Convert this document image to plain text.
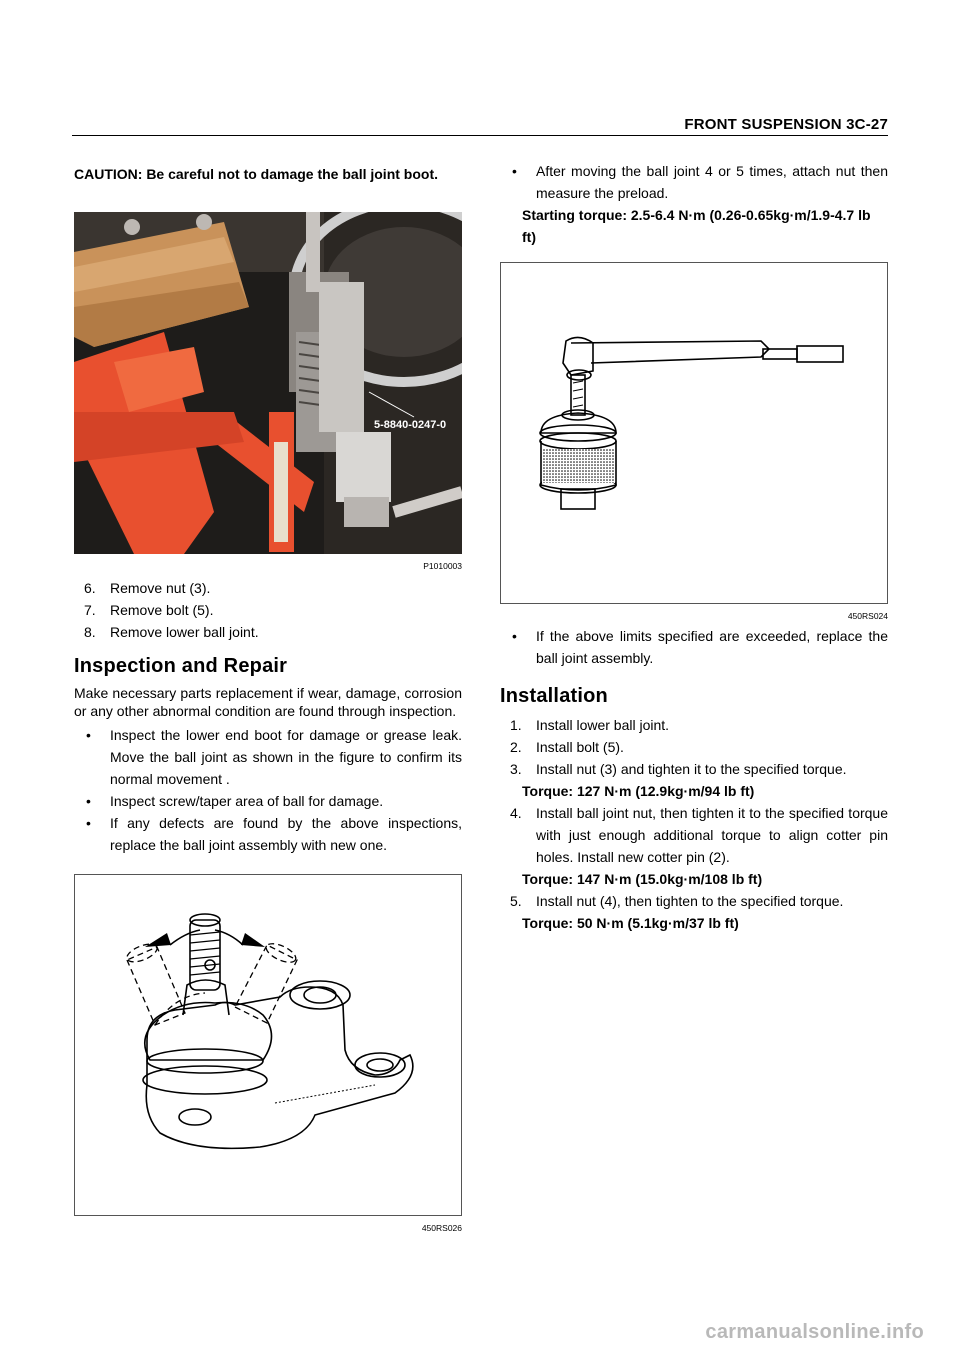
FRONT SUSPENSION 3C-27

CAUTION: Be careful not to damage the ball joint boot.

5-8840-0247-0
P1010003
6. Remove nut (3).
7. Remove bolt (5).
8. Remove lower ball joint.
Inspection and Repair

Make necessary parts replacement if wear, damage, corrosion or any other abnormal condition are found through inspection.

• Inspect the lower end boot for damage or grease leak. Move the ball joint as shown in the figure to confirm its normal movement .
• Inspect screw/taper area of ball for damage.
• If any defects are found by the above inspections, replace the ball joint assembly with new one.
450RS026
• After moving the ball joint 4 or 5 times, attach nut then measure the preload.
Starting torque: 2.5-6.4 N·m (0.26-0.65kg·m/1.9-4.7 lb ft)
450RS024
• If the above limits specified are exceeded, replace the ball joint assembly.
Installation
1. Install lower ball joint.
2. Install bolt (5).
3. Install nut (3) and tighten it to the specified torque.
Torque: 127 N·m (12.9kg·m/94 lb ft)
4. Install ball joint nut, then tighten it to the specified torque with just enough additional torque to align cotter pin holes. Install new cotter pin (2).
Torque: 147 N·m (15.0kg·m/108 lb ft)
5. Install nut (4), then tighten to the specified torque.
Torque: 50 N·m (5.1kg·m/37 lb ft)
carmanualsonline.info
